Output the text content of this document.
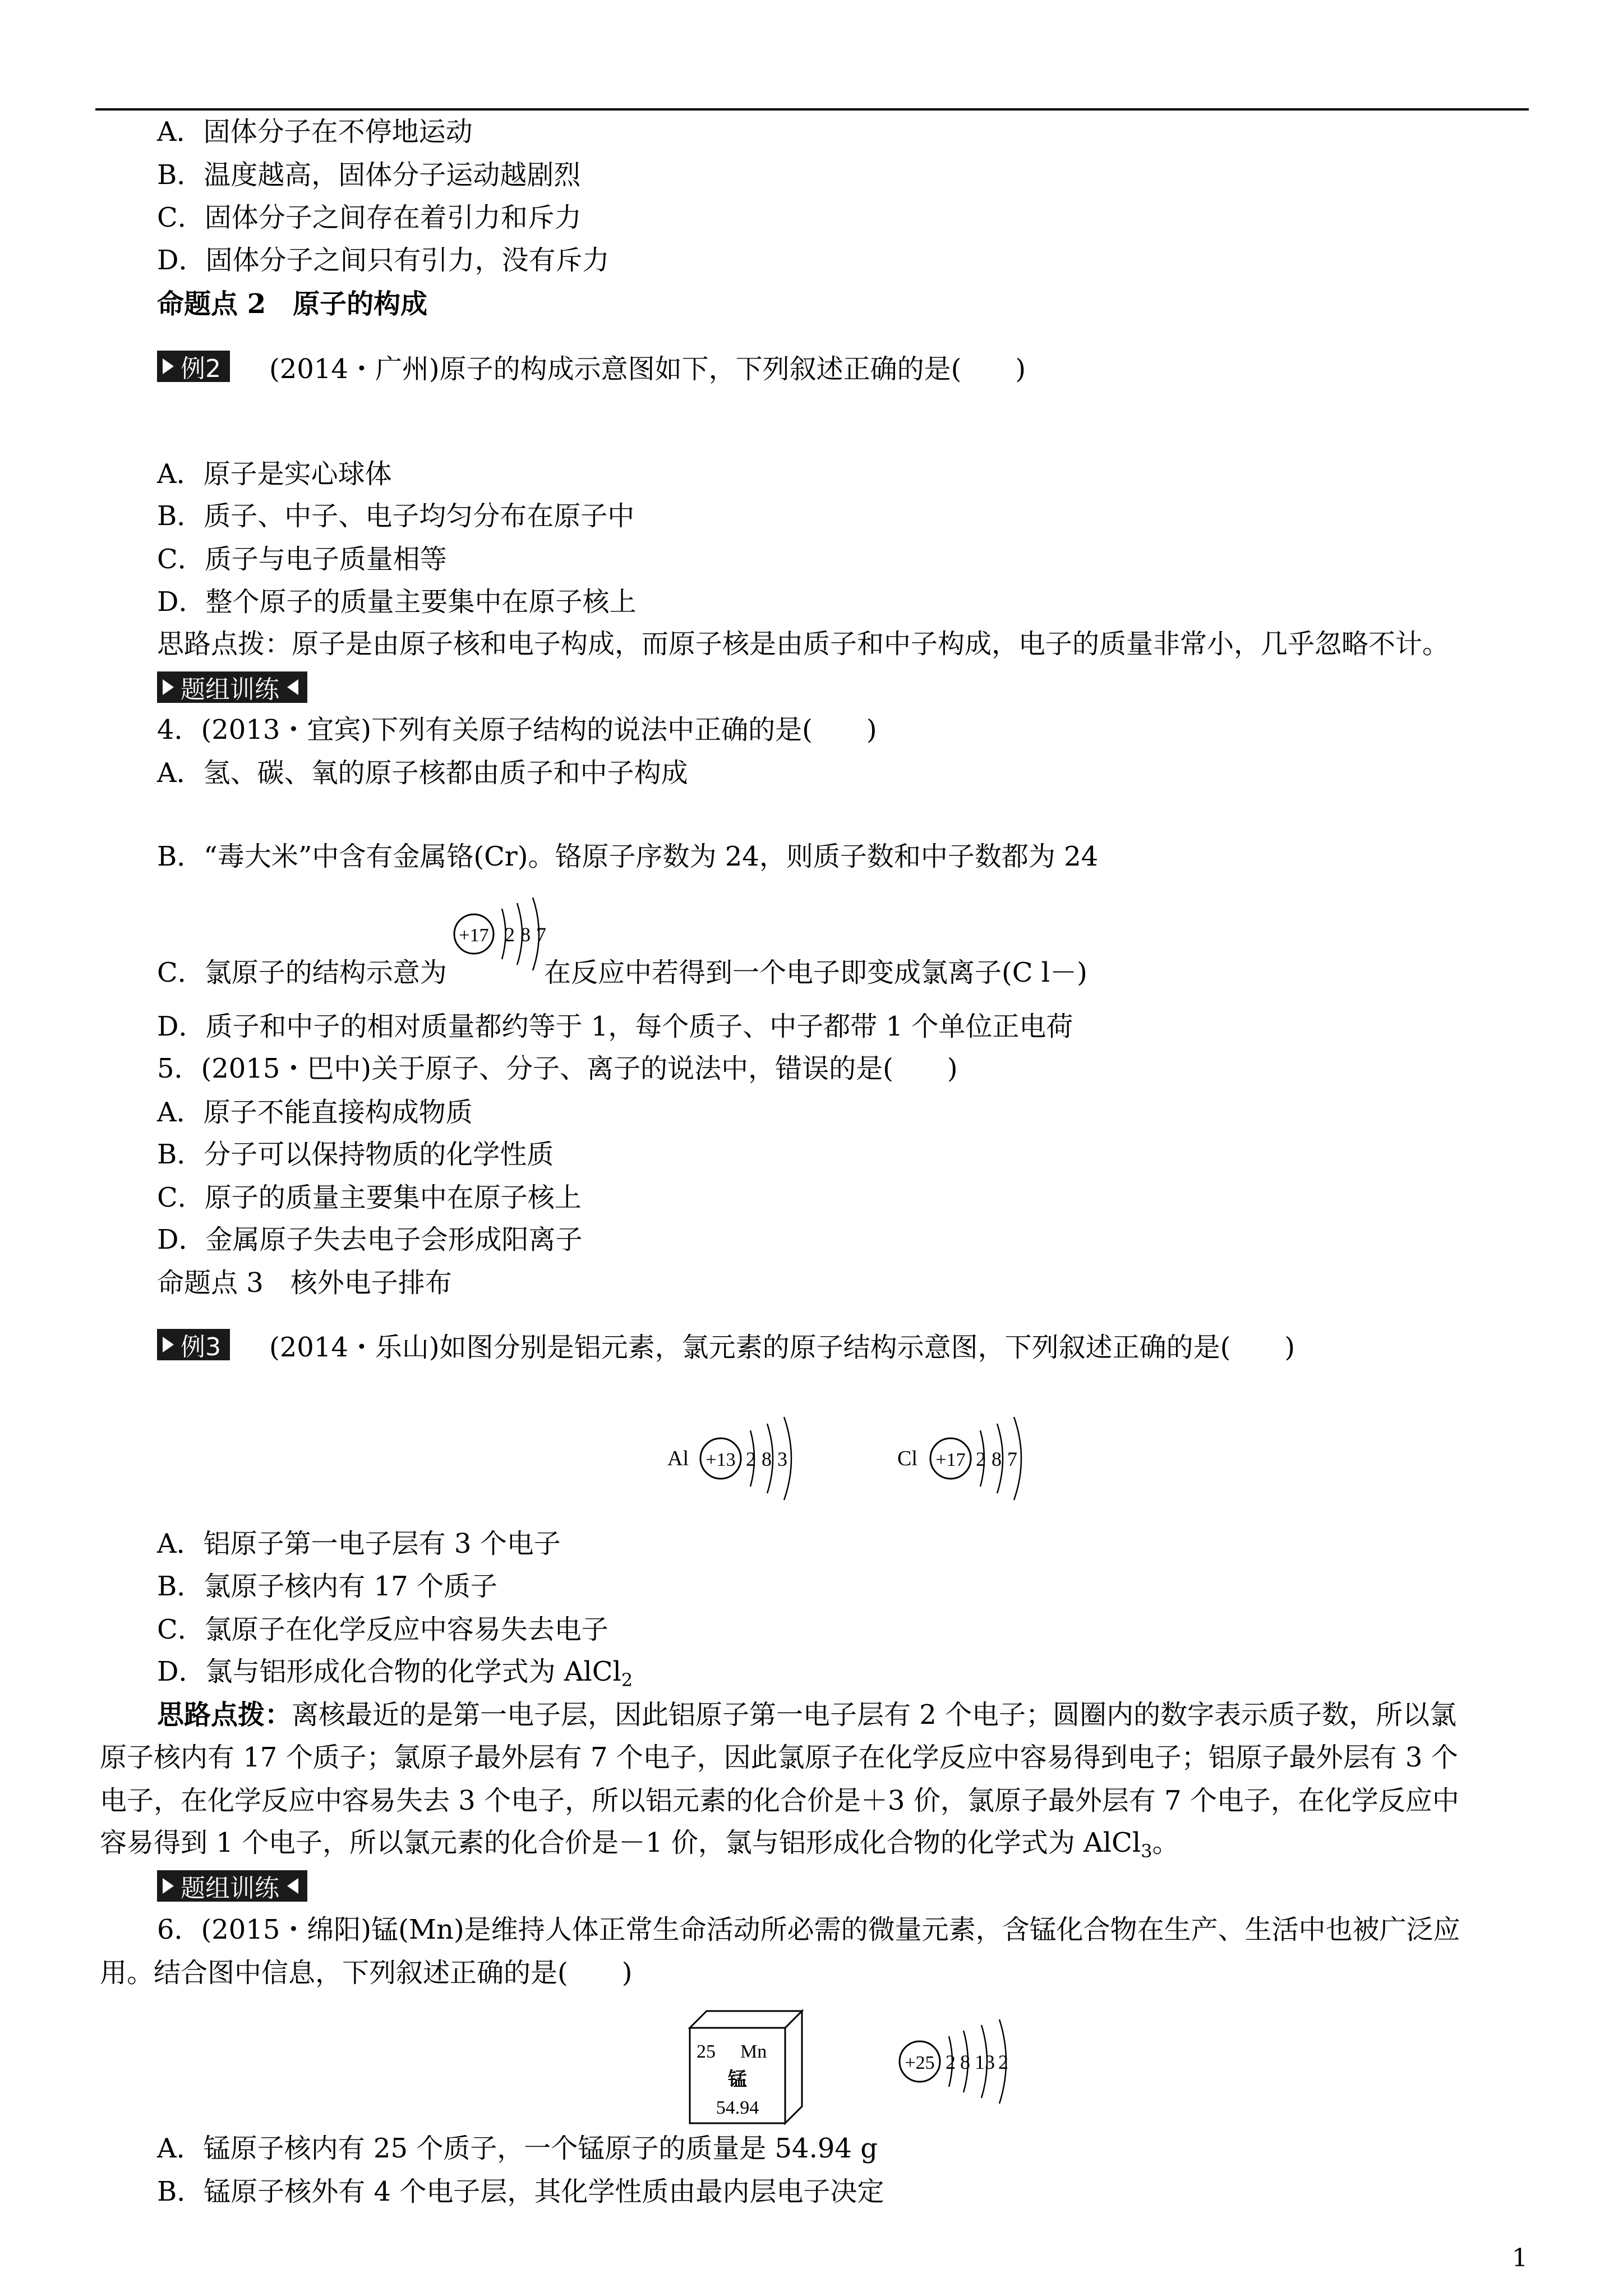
A．固体分子在不停地运动
B．温度越高，固体分子运动越剧烈
C．固体分子之间存在着引力和斥力
D．固体分子之间只有引力，没有斥力
命题点 2　原子的构成
例2 (2014・广州)原子的构成示意图如下，下列叙述正确的是(　　)
A．原子是实心球体
B．质子、中子、电子均匀分布在原子中
C．质子与电子质量相等
D．整个原子的质量主要集中在原子核上
思路点拨：原子是由原子核和电子构成，而原子核是由质子和中子构成，电子的质量非常小，几乎忽略不计。
题组训练
4．(2013・宜宾)下列有关原子结构的说法中正确的是(　　)
A．氢、碳、氧的原子核都由质子和中子构成
B．“毒大米”中含有金属铬(Cr)。铬原子序数为 24，则质子数和中子数都为 24
C．氯原子的结构示意为
+17 2 8 7
在反应中若得到一个电子即变成氯离子(C l－)
D．质子和中子的相对质量都约等于 1，每个质子、中子都带 1 个单位正电荷
5．(2015・巴中)关于原子、分子、离子的说法中，错误的是(　　)
A．原子不能直接构成物质
B．分子可以保持物质的化学性质
C．原子的质量主要集中在原子核上
D．金属原子失去电子会形成阳离子
命题点 3　核外电子排布
例3 (2014・乐山)如图分别是铝元素，氯元素的原子结构示意图，下列叙述正确的是(　　)
Al +13 2 8 3	Cl +17 2 8 7
A．铝原子第一电子层有 3 个电子
B．氯原子核内有 17 个质子
C．氯原子在化学反应中容易失去电子
D．氯与铝形成化合物的化学式为 AlCl$_2$
思路点拨：离核最近的是第一电子层，因此铝原子第一电子层有 2 个电子；圆圈内的数字表示质子数，所以氯
原子核内有 17 个质子；氯原子最外层有 7 个电子，因此氯原子在化学反应中容易得到电子；铝原子最外层有 3 个
电子，在化学反应中容易失去 3 个电子，所以铝元素的化合价是＋3 价，氯原子最外层有 7 个电子，在化学反应中
容易得到 1 个电子，所以氯元素的化合价是－1 价，氯与铝形成化合物的化学式为 AlCl$_3$。
题组训练
6．(2015・绵阳)锰(Mn)是维持人体正常生命活动所必需的微量元素，含锰化合物在生产、生活中也被广泛应
用。结合图中信息，下列叙述正确的是(　　)
25 Mn
锰
54.94
+25 2 8 13 2
A．锰原子核内有 25 个质子，一个锰原子的质量是 54.94 g
B．锰原子核外有 4 个电子层，其化学性质由最内层电子决定
1
